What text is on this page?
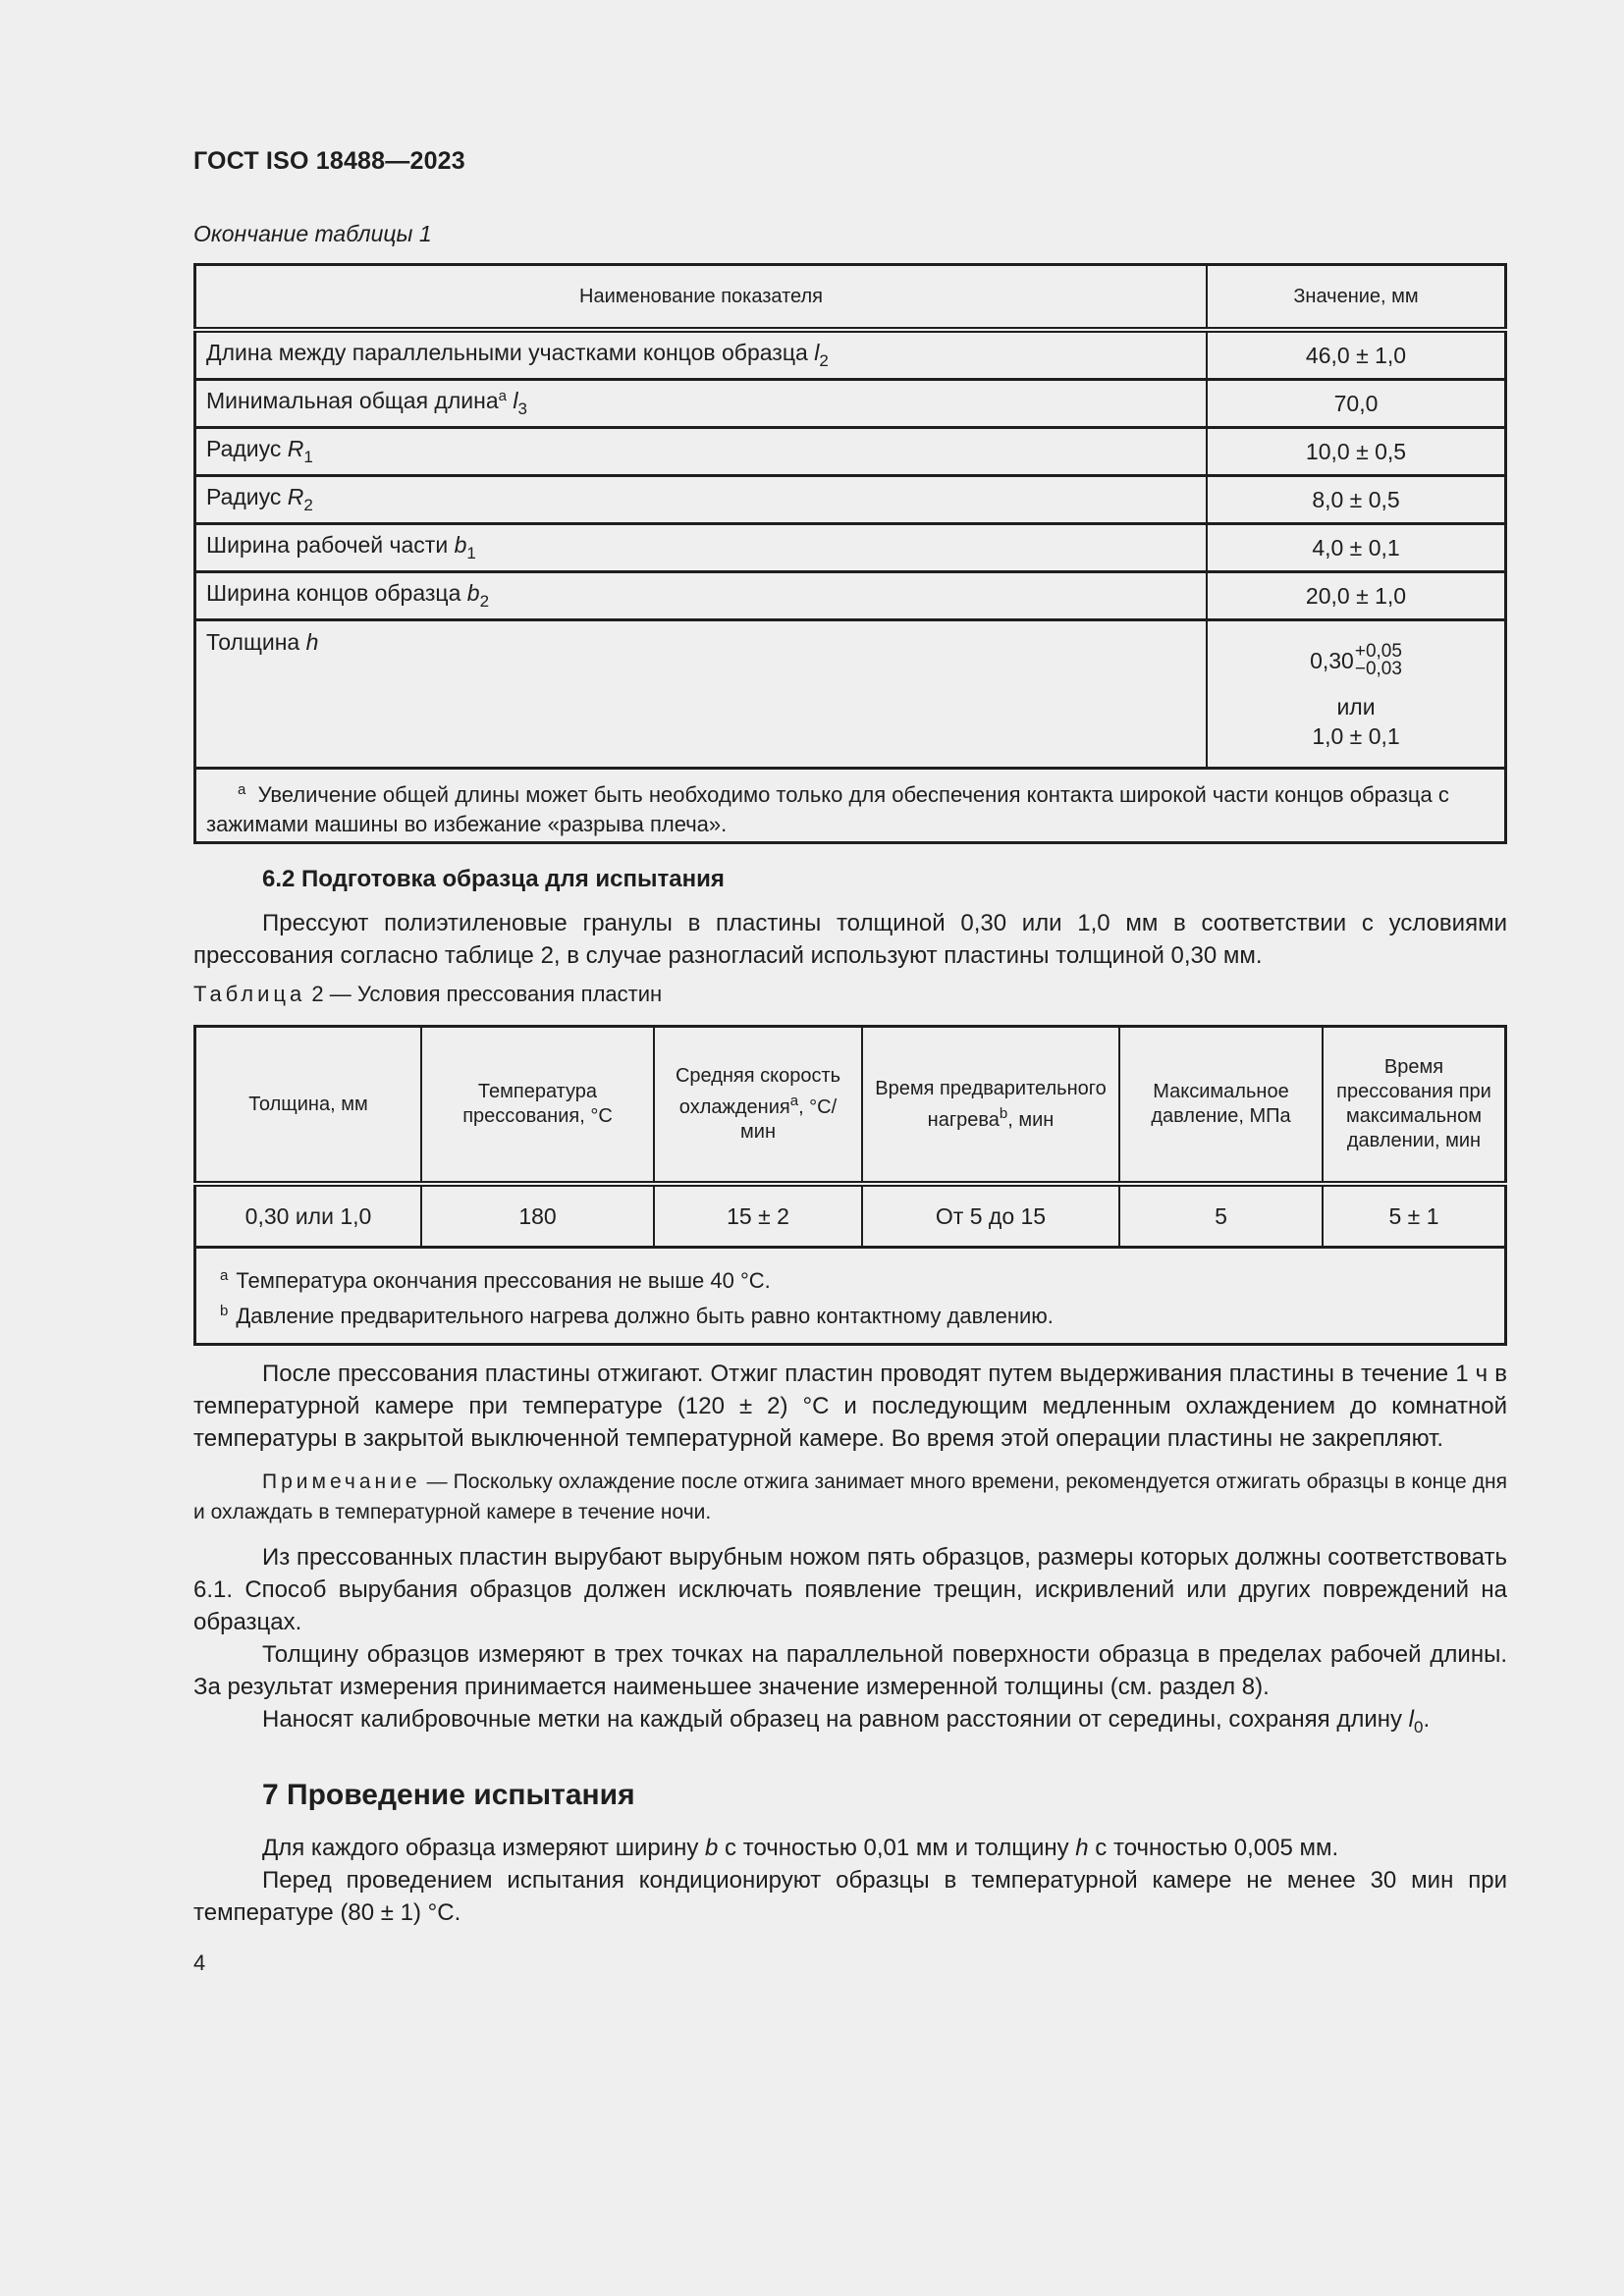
ГОСТ ISO 18488—2023
Окончание таблицы 1
Наименование показателя	Значение, мм
Длина между параллельными участками концов образца $l_2$	46,0 ± 1,0
Минимальная общая длина$^a$ $l_3$	70,0
Радиус $R_1$	10,0 ± 0,5
Радиус $R_2$	8,0 ± 0,5
Ширина рабочей части $b_1$	4,0 ± 0,1
Ширина концов образца $b_2$	20,0 ± 1,0
Толщина h	0,30 +0,05
−0,03
или
1,0 ± 0,1

$^a$ Увеличение общей длины может быть необходимо только для обеспечения контакта широкой части концов образца с зажимами машины во избежание «разрыва плеча».	
6.2 Подготовка образца для испытания

Прессуют полиэтиленовые гранулы в пластины толщиной 0,30 или 1,0 мм в соответствии с условиями прессования согласно таблице 2, в случае разногласий используют пластины толщиной 0,30 мм.

Таблица 2 — Условия прессования пластин
Толщина, мм	Температура прессования, °С	Средняя скорость охлаждения$^a$, °С/мин	Время предварительного нагрева$^b$, мин	Максимальное давление, МПа	Время прессования при максимальном давлении, мин
0,30 или 1,0	180	15 ± 2	От 5 до 15	5	5 ± 1

$^a$ Температура окончания прессования не выше 40 °С.
$^b$ Давление предварительного нагрева должно быть равно контактному давлению.					

После прессования пластины отжигают. Отжиг пластин проводят путем выдерживания пластины в течение 1 ч в температурной камере при температуре (120 ± 2) °С и последующим медленным охлаждением до комнатной температуры в закрытой выключенной температурной камере. Во время этой операции пластины не закрепляют.

Примечание — Поскольку охлаждение после отжига занимает много времени, рекомендуется отжигать образцы в конце дня и охлаждать в температурной камере в течение ночи.

Из прессованных пластин вырубают вырубным ножом пять образцов, размеры которых должны соответствовать 6.1. Способ вырубания образцов должен исключать появление трещин, искривлений или других повреждений на образцах.

Толщину образцов измеряют в трех точках на параллельной поверхности образца в пределах рабочей длины. За результат измерения принимается наименьшее значение измеренной толщины (см. раздел 8).

Наносят калибровочные метки на каждый образец на равном расстоянии от середины, сохраняя длину $l_0$.

7 Проведение испытания

Для каждого образца измеряют ширину b с точностью 0,01 мм и толщину h с точностью 0,005 мм.

Перед проведением испытания кондиционируют образцы в температурной камере не менее 30 мин при температуре (80 ± 1) °С.

4
